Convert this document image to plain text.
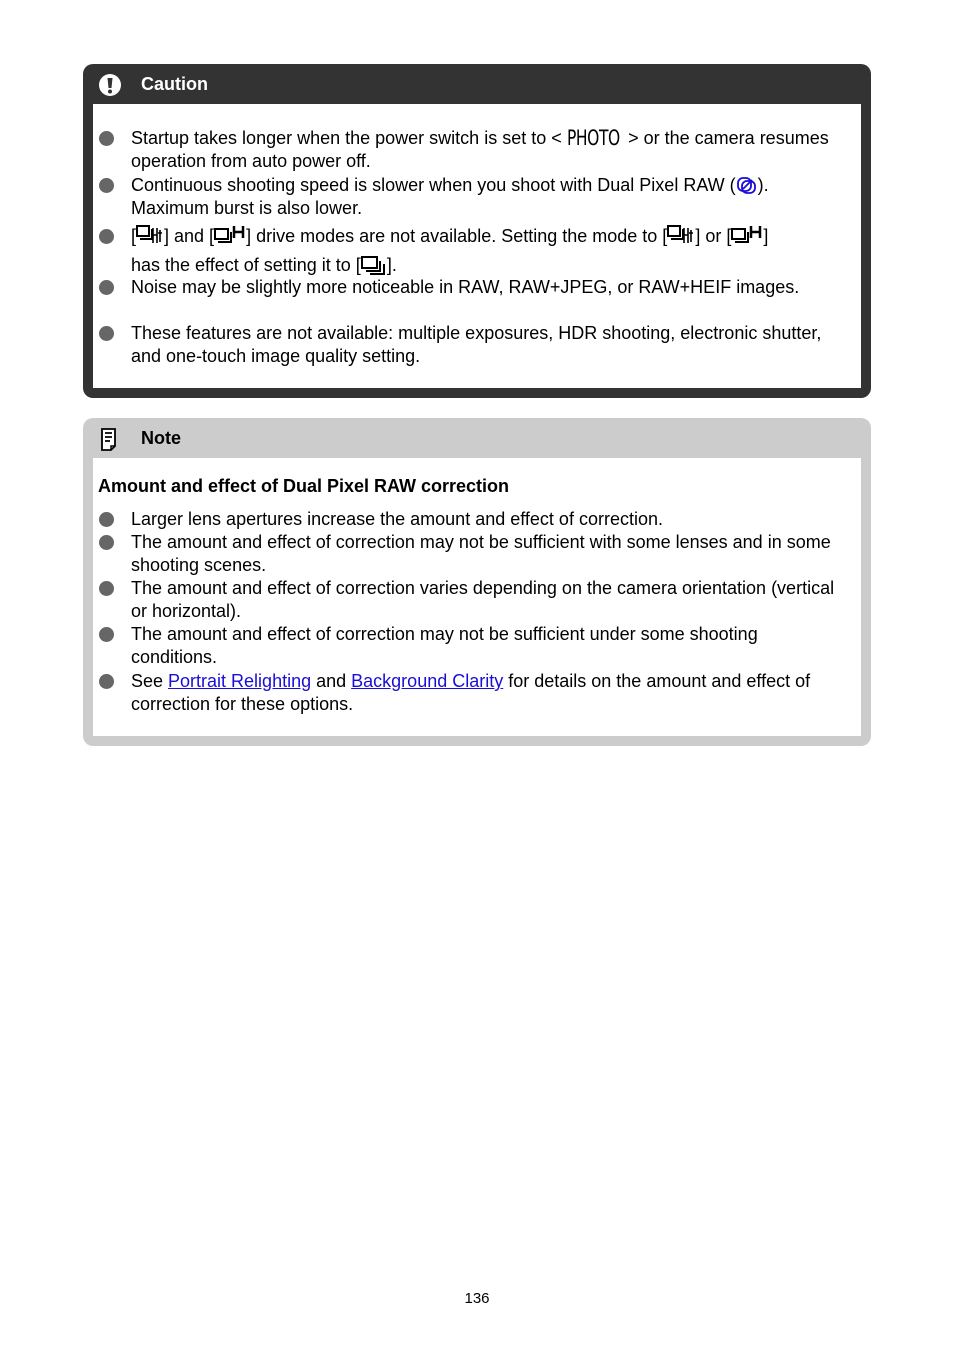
Caution
Startup takes longer when the power switch is set to < PHOTO > or the camera resumes operation from auto power off.
Continuous shooting speed is slower when you shoot with Dual Pixel RAW ( ).
Maximum burst is also lower.
[ ] and [ ] drive modes are not available. Setting the mode to [ ] or [ ]
has the effect of setting it to [ ].
Noise may be slightly more noticeable in RAW, RAW+JPEG, or RAW+HEIF images.
These features are not available: multiple exposures, HDR shooting, electronic shutter, and one-touch image quality setting.
Note
Amount and effect of Dual Pixel RAW correction
Larger lens apertures increase the amount and effect of correction.
The amount and effect of correction may not be sufficient with some lenses and in some shooting scenes.
The amount and effect of correction varies depending on the camera orientation (vertical or horizontal).
The amount and effect of correction may not be sufficient under some shooting conditions.
See Portrait Relighting and Background Clarity for details on the amount and effect of correction for these options.
136
